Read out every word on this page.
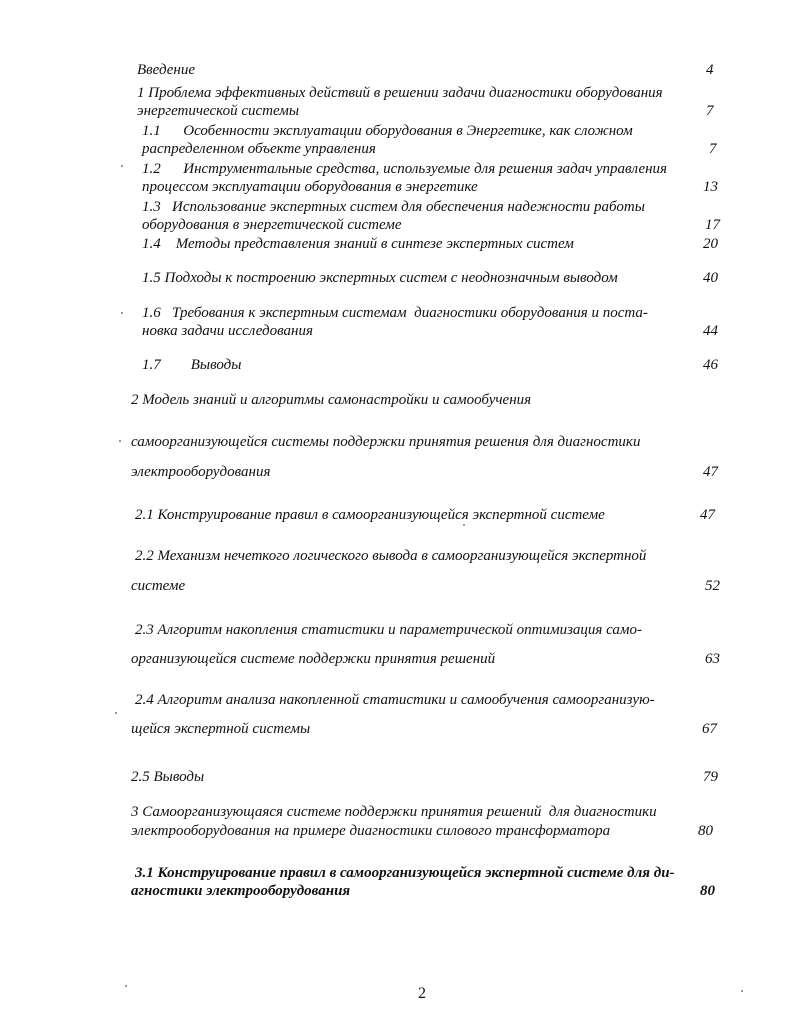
Введение	4
1 Проблема эффективных действий в решении задачи диагностики оборудования
энергетической системы	7
1.1  Особенности эксплуатации оборудования в Энергетике, как сложном
распределенном объекте управления	7
1.2  Инструментальные средства, используемые для решения задач управления
процессом эксплуатации оборудования в энергетике	13
1.3  Использование экспертных систем для обеспечения надежности работы
оборудования в энергетической системе	17
1.4  Методы представления знаний в синтезе экспертных систем	20
1.5 Подходы к построению экспертных систем с неоднозначным выводом	40
1.6  Требования к экспертным системам диагностики оборудования и поста-
новка задачи исследования	44
1.7  Выводы	46
2 Модель знаний и алгоритмы самонастройки и самообучения
самоорганизующейся системы поддержки принятия решения для диагностики
электрооборудования	47
2.1 Конструирование правил в самоорганизующейся экспертной системе	47
2.2 Механизм нечеткого логического вывода в самоорганизующейся экспертной
системе	52
2.3 Алгоритм накопления статистики и параметрической оптимизация само-
организующейся системе поддержки принятия решений	63
2.4 Алгоритм анализа накопленной статистики и самообучения самоорганизую-
щейся экспертной системы	67
2.5 Выводы	79
3 Самоорганизующаяся системе поддержки принятия решений для диагностики
электрооборудования на примере диагностики силового трансформатора	80
3.1 Конструирование правил в самоорганизующейся экспертной системе для ди-
агностики электрооборудования	80
2
